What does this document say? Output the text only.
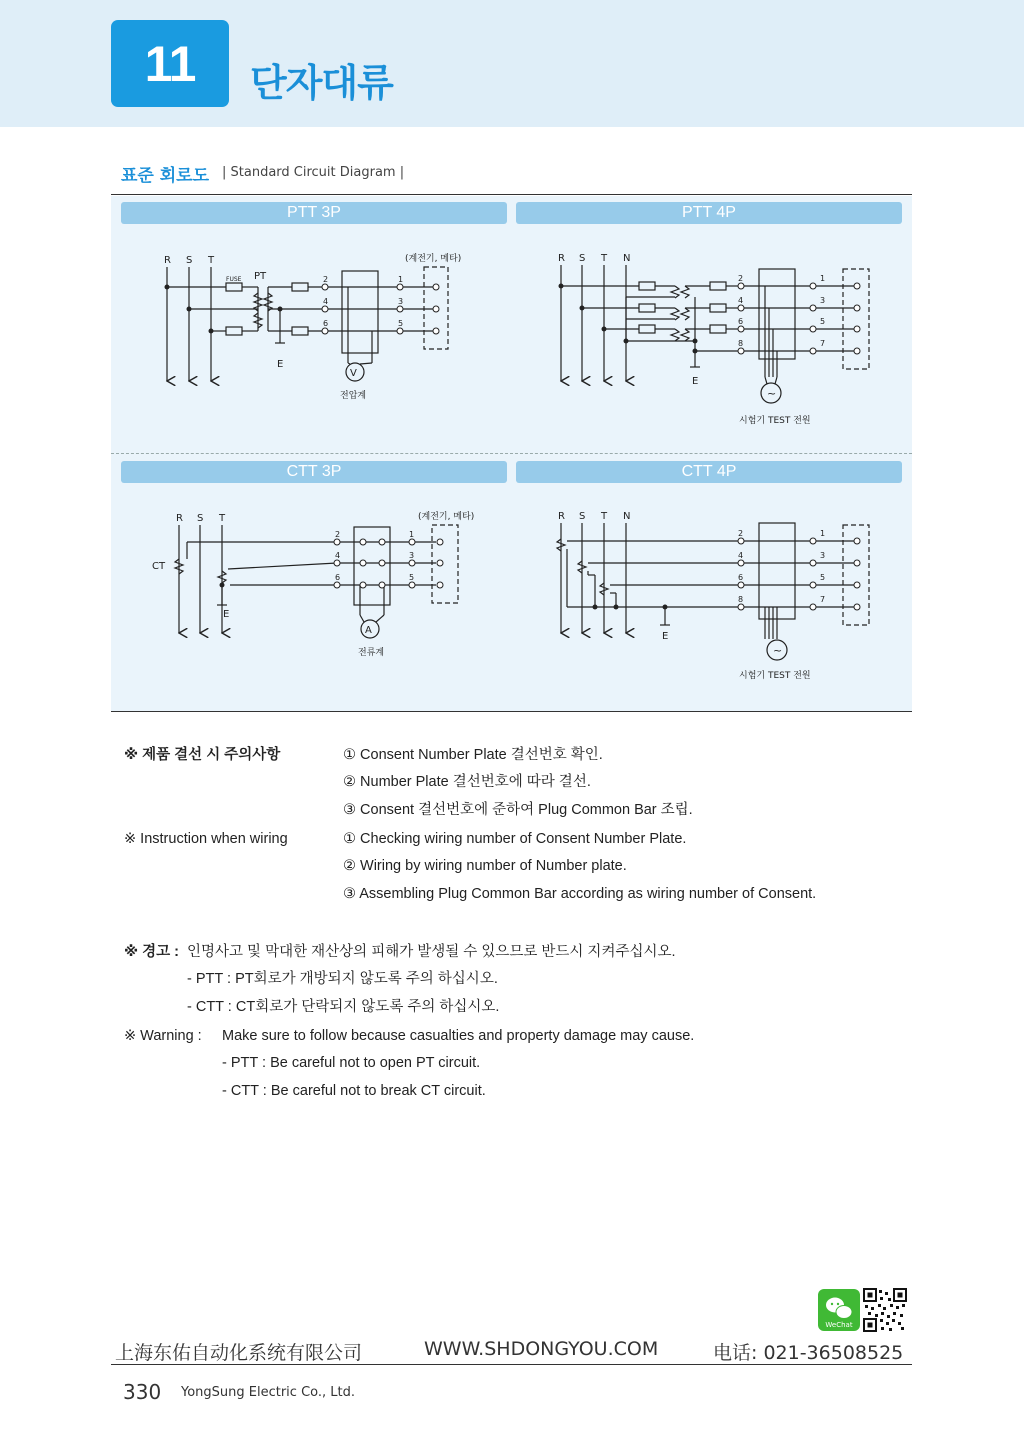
11	단자대류
표준 회로도 | Standard Circuit Diagram |
PTT 3P	PTT 4P
CTT 3P	CTT 4P
R S T
FUSE PT
E
V
(계전기, 메타)
전압계
2
4
6
1
3
5
R S T N
E
~
시험기 TEST 전원
2
4
6
8
1
3
5
7
R S T
CT
E
A
(계전기, 메타)
전류계
2
4
6
1
3
5
R S T N
E
~
시험기 TEST 전원
2
4
6
8
1
3
5
7
※ 제품 결선 시 주의사항	① Consent Number Plate 결선번호 확인.
② Number Plate 결선번호에 따라 결선.
③ Consent 결선번호에 준하여 Plug Common Bar 조립.
※ Instruction when wiring	① Checking wiring number of Consent Number Plate.
② Wiring by wiring number of Number plate.
③ Assembling Plug Common Bar according as wiring number of Consent.
※ 경고 : 인명사고 및 막대한 재산상의 피해가 발생될 수 있으므로 반드시 지켜주십시오.
- PTT : PT회로가 개방되지 않도록 주의 하십시오.
- CTT : CT회로가 단락되지 않도록 주의 하십시오.
※ Warning : Make sure to follow because casualties and property damage may cause.
- PTT : Be careful not to open PT circuit.
- CTT : Be careful not to break CT circuit.
WeChat
上海东佑自动化系统有限公司	WWW.SHDONGYOU.COM	电话: 021-36508525
330 YongSung Electric Co., Ltd.
